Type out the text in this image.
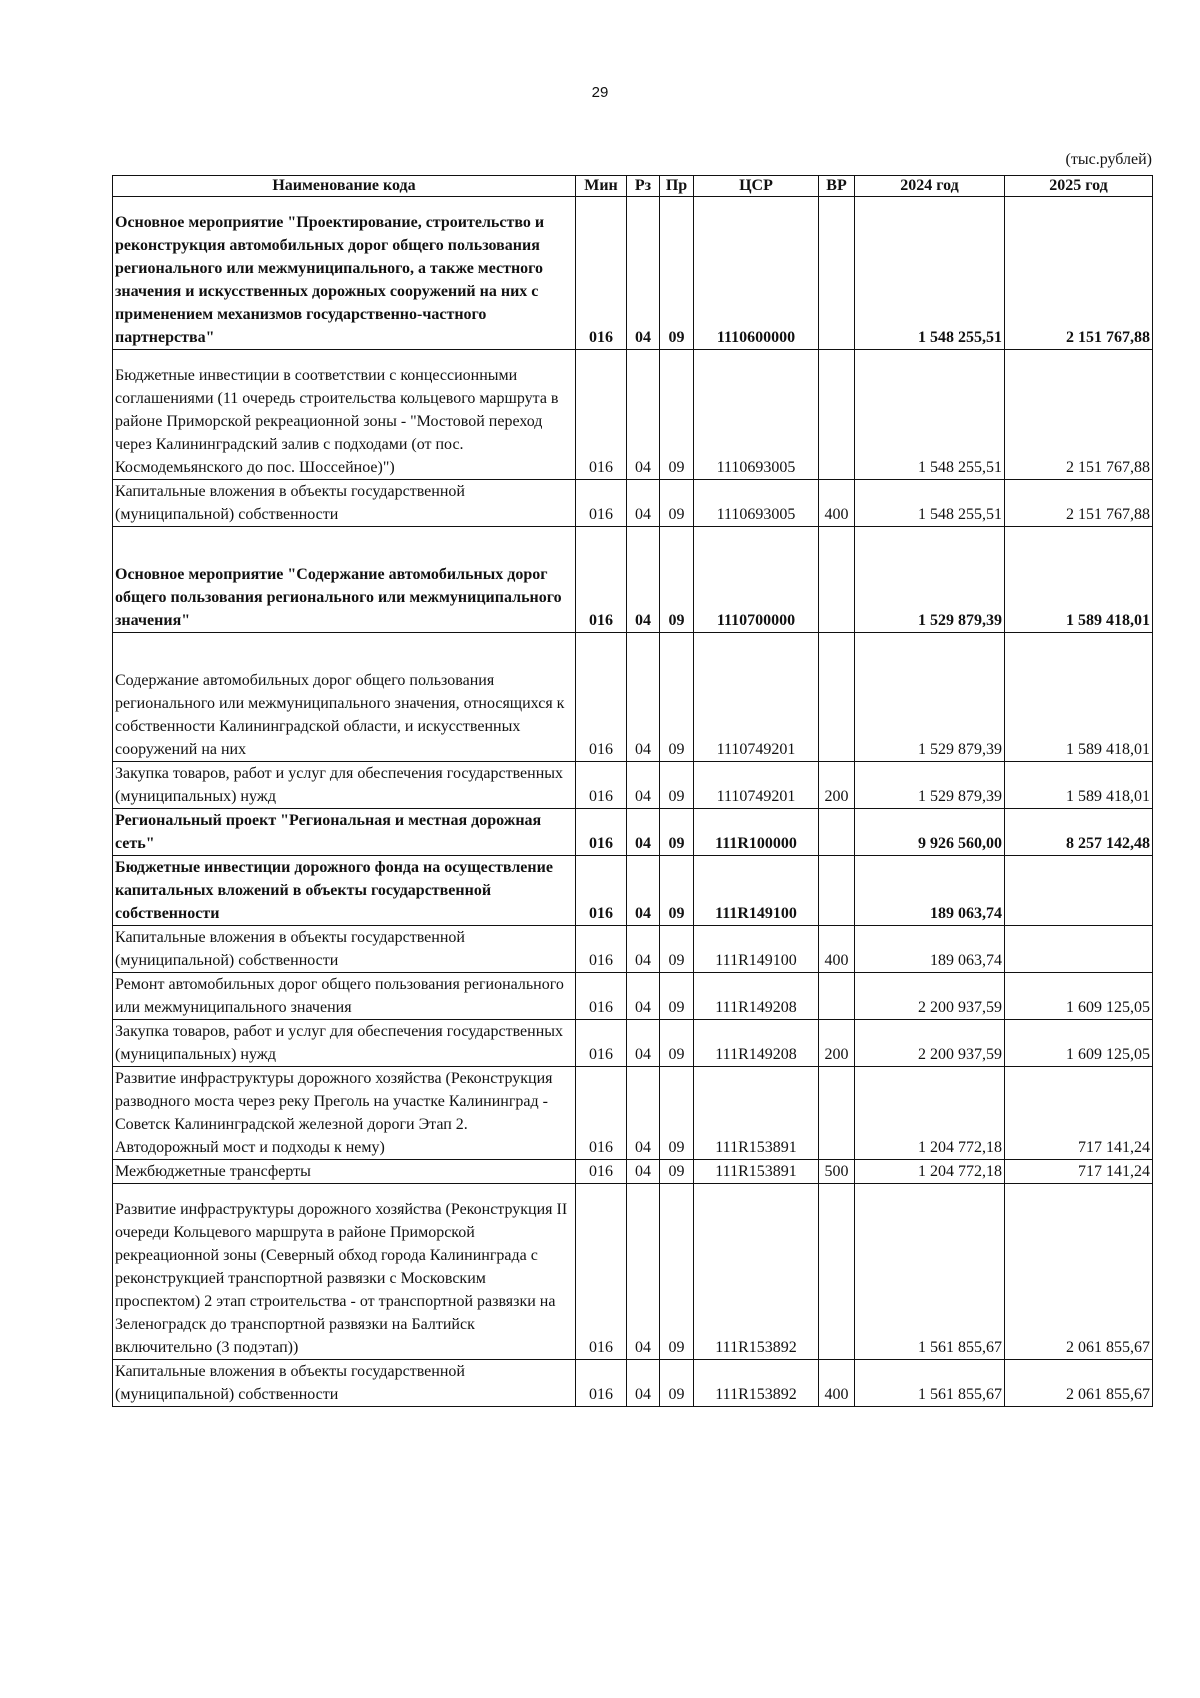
29
(тыс.рублей)
Наименование кода	Мин	Рз	Пр	ЦСР	ВР	2024 год	2025 год
Основное мероприятие "Проектирование, строительство и реконструкция автомобильных дорог общего пользования регионального или межмуниципального, а также местного значения и искусственных дорожных сооружений на них с применением механизмов государственно-частного партнерства"	016	04	09	1110600000		1 548 255,51	2 151 767,88
Бюджетные инвестиции в соответствии с концессионными соглашениями (11 очередь строительства кольцевого маршрута в районе Приморской рекреационной зоны - "Мостовой переход через Калининградский залив с подходами (от пос. Космодемьянского до пос. Шоссейное)")	016	04	09	1110693005		1 548 255,51	2 151 767,88
Капитальные вложения в объекты государственной (муниципальной) собственности	016	04	09	1110693005	400	1 548 255,51	2 151 767,88
Основное мероприятие "Содержание автомобильных дорог общего пользования регионального или межмуниципального значения"	016	04	09	1110700000		1 529 879,39	1 589 418,01
Содержание автомобильных дорог общего пользования регионального или межмуниципального значения, относящихся к собственности Калининградской области, и искусственных сооружений на них	016	04	09	1110749201		1 529 879,39	1 589 418,01
Закупка товаров, работ и услуг для обеспечения государственных (муниципальных) нужд	016	04	09	1110749201	200	1 529 879,39	1 589 418,01
Региональный проект "Региональная и местная дорожная сеть"	016	04	09	111R100000		9 926 560,00	8 257 142,48
Бюджетные инвестиции дорожного фонда на осуществление капитальных вложений в объекты государственной собственности	016	04	09	111R149100		189 063,74	
Капитальные вложения в объекты государственной (муниципальной) собственности	016	04	09	111R149100	400	189 063,74	
Ремонт автомобильных дорог общего пользования регионального или межмуниципального значения	016	04	09	111R149208		2 200 937,59	1 609 125,05
Закупка товаров, работ и услуг для обеспечения государственных (муниципальных) нужд	016	04	09	111R149208	200	2 200 937,59	1 609 125,05
Развитие инфраструктуры дорожного хозяйства (Реконструкция разводного моста через реку Преголь на участке Калининград - Советск Калининградской железной дороги Этап 2. Автодорожный мост и подходы к нему)	016	04	09	111R153891		1 204 772,18	717 141,24
Межбюджетные трансферты	016	04	09	111R153891	500	1 204 772,18	717 141,24
Развитие инфраструктуры дорожного хозяйства (Реконструкция II очереди Кольцевого маршрута в районе Приморской рекреационной зоны (Северный обход города Калининграда с реконструкцией транспортной развязки с Московским проспектом) 2 этап строительства - от транспортной развязки на Зеленоградск до транспортной развязки на Балтийск включительно (3 подэтап))	016	04	09	111R153892		1 561 855,67	2 061 855,67
Капитальные вложения в объекты государственной (муниципальной) собственности	016	04	09	111R153892	400	1 561 855,67	2 061 855,67
